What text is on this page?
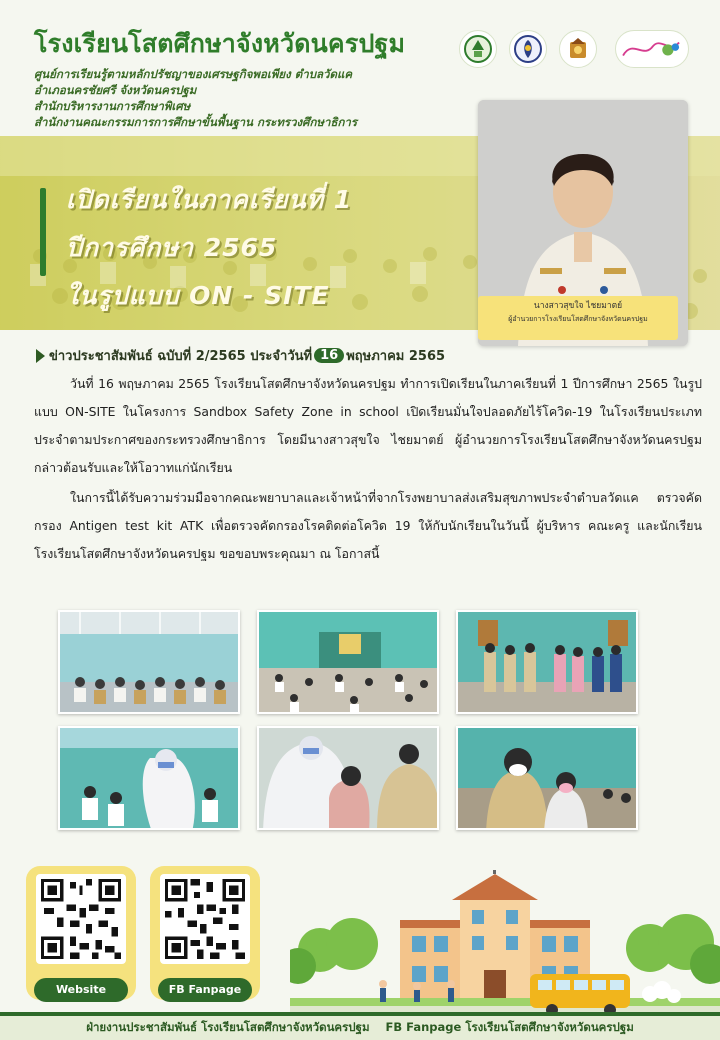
โรงเรียนโสตศึกษาจังหวัดนครปฐม
ศูนย์การเรียนรู้ตามหลักปรัชญาของเศรษฐกิจพอเพียง ตำบลวัดแค
อำเภอนครชัยศรี จังหวัดนครปฐม
สำนักบริหารงานการศึกษาพิเศษ
สำนักงานคณะกรรมการการศึกษาขั้นพื้นฐาน กระทรวงศึกษาธิการ
เปิดเรียนในภาคเรียนที่ 1
ปีการศึกษา 2565
ในรูปแบบ ON - SITE	นางสาวสุขใจ ไชยมาตย์
ผู้อำนวยการโรงเรียนโสตศึกษาจังหวัดนครปฐม
ข่าวประชาสัมพันธ์ ฉบับที่ 2/2565 ประจำวันที่ 16 พฤษภาคม 2565

วันที่ 16 พฤษภาคม 2565 โรงเรียนโสตศึกษาจังหวัดนครปฐม ทำการเปิดเรียนในภาคเรียนที่ 1 ปีการศึกษา 2565 ในรูปแบบ ON-SITE ในโครงการ Sandbox Safety Zone in school เปิดเรียนมั่นใจปลอดภัยไร้โควิด-19 ในโรงเรียนประเภทประจำตามประกาศของกระทรวงศึกษาธิการ โดยมีนางสาวสุขใจ ไชยมาตย์ ผู้อำนวยการโรงเรียนโสตศึกษาจังหวัดนครปฐมกล่าวต้อนรับและให้โอวาทแก่นักเรียน

ในการนี้ได้รับความร่วมมือจากคณะพยาบาลและเจ้าหน้าที่จากโรงพยาบาลส่งเสริมสุขภาพประจำตำบลวัดแค ตรวจคัดกรอง Antigen test kit ATK เพื่อตรวจคัดกรองโรคติดต่อโควิด 19 ให้กับนักเรียนในวันนี้ ผู้บริหาร คณะครู และนักเรียนโรงเรียนโสตศึกษาจังหวัดนครปฐม ขอขอบพระคุณมา ณ โอกาสนี้

Website	FB Fanpage
ฝ่ายงานประชาสัมพันธ์ โรงเรียนโสตศึกษาจังหวัดนครปฐม FB Fanpage โรงเรียนโสตศึกษาจังหวัดนครปฐม
